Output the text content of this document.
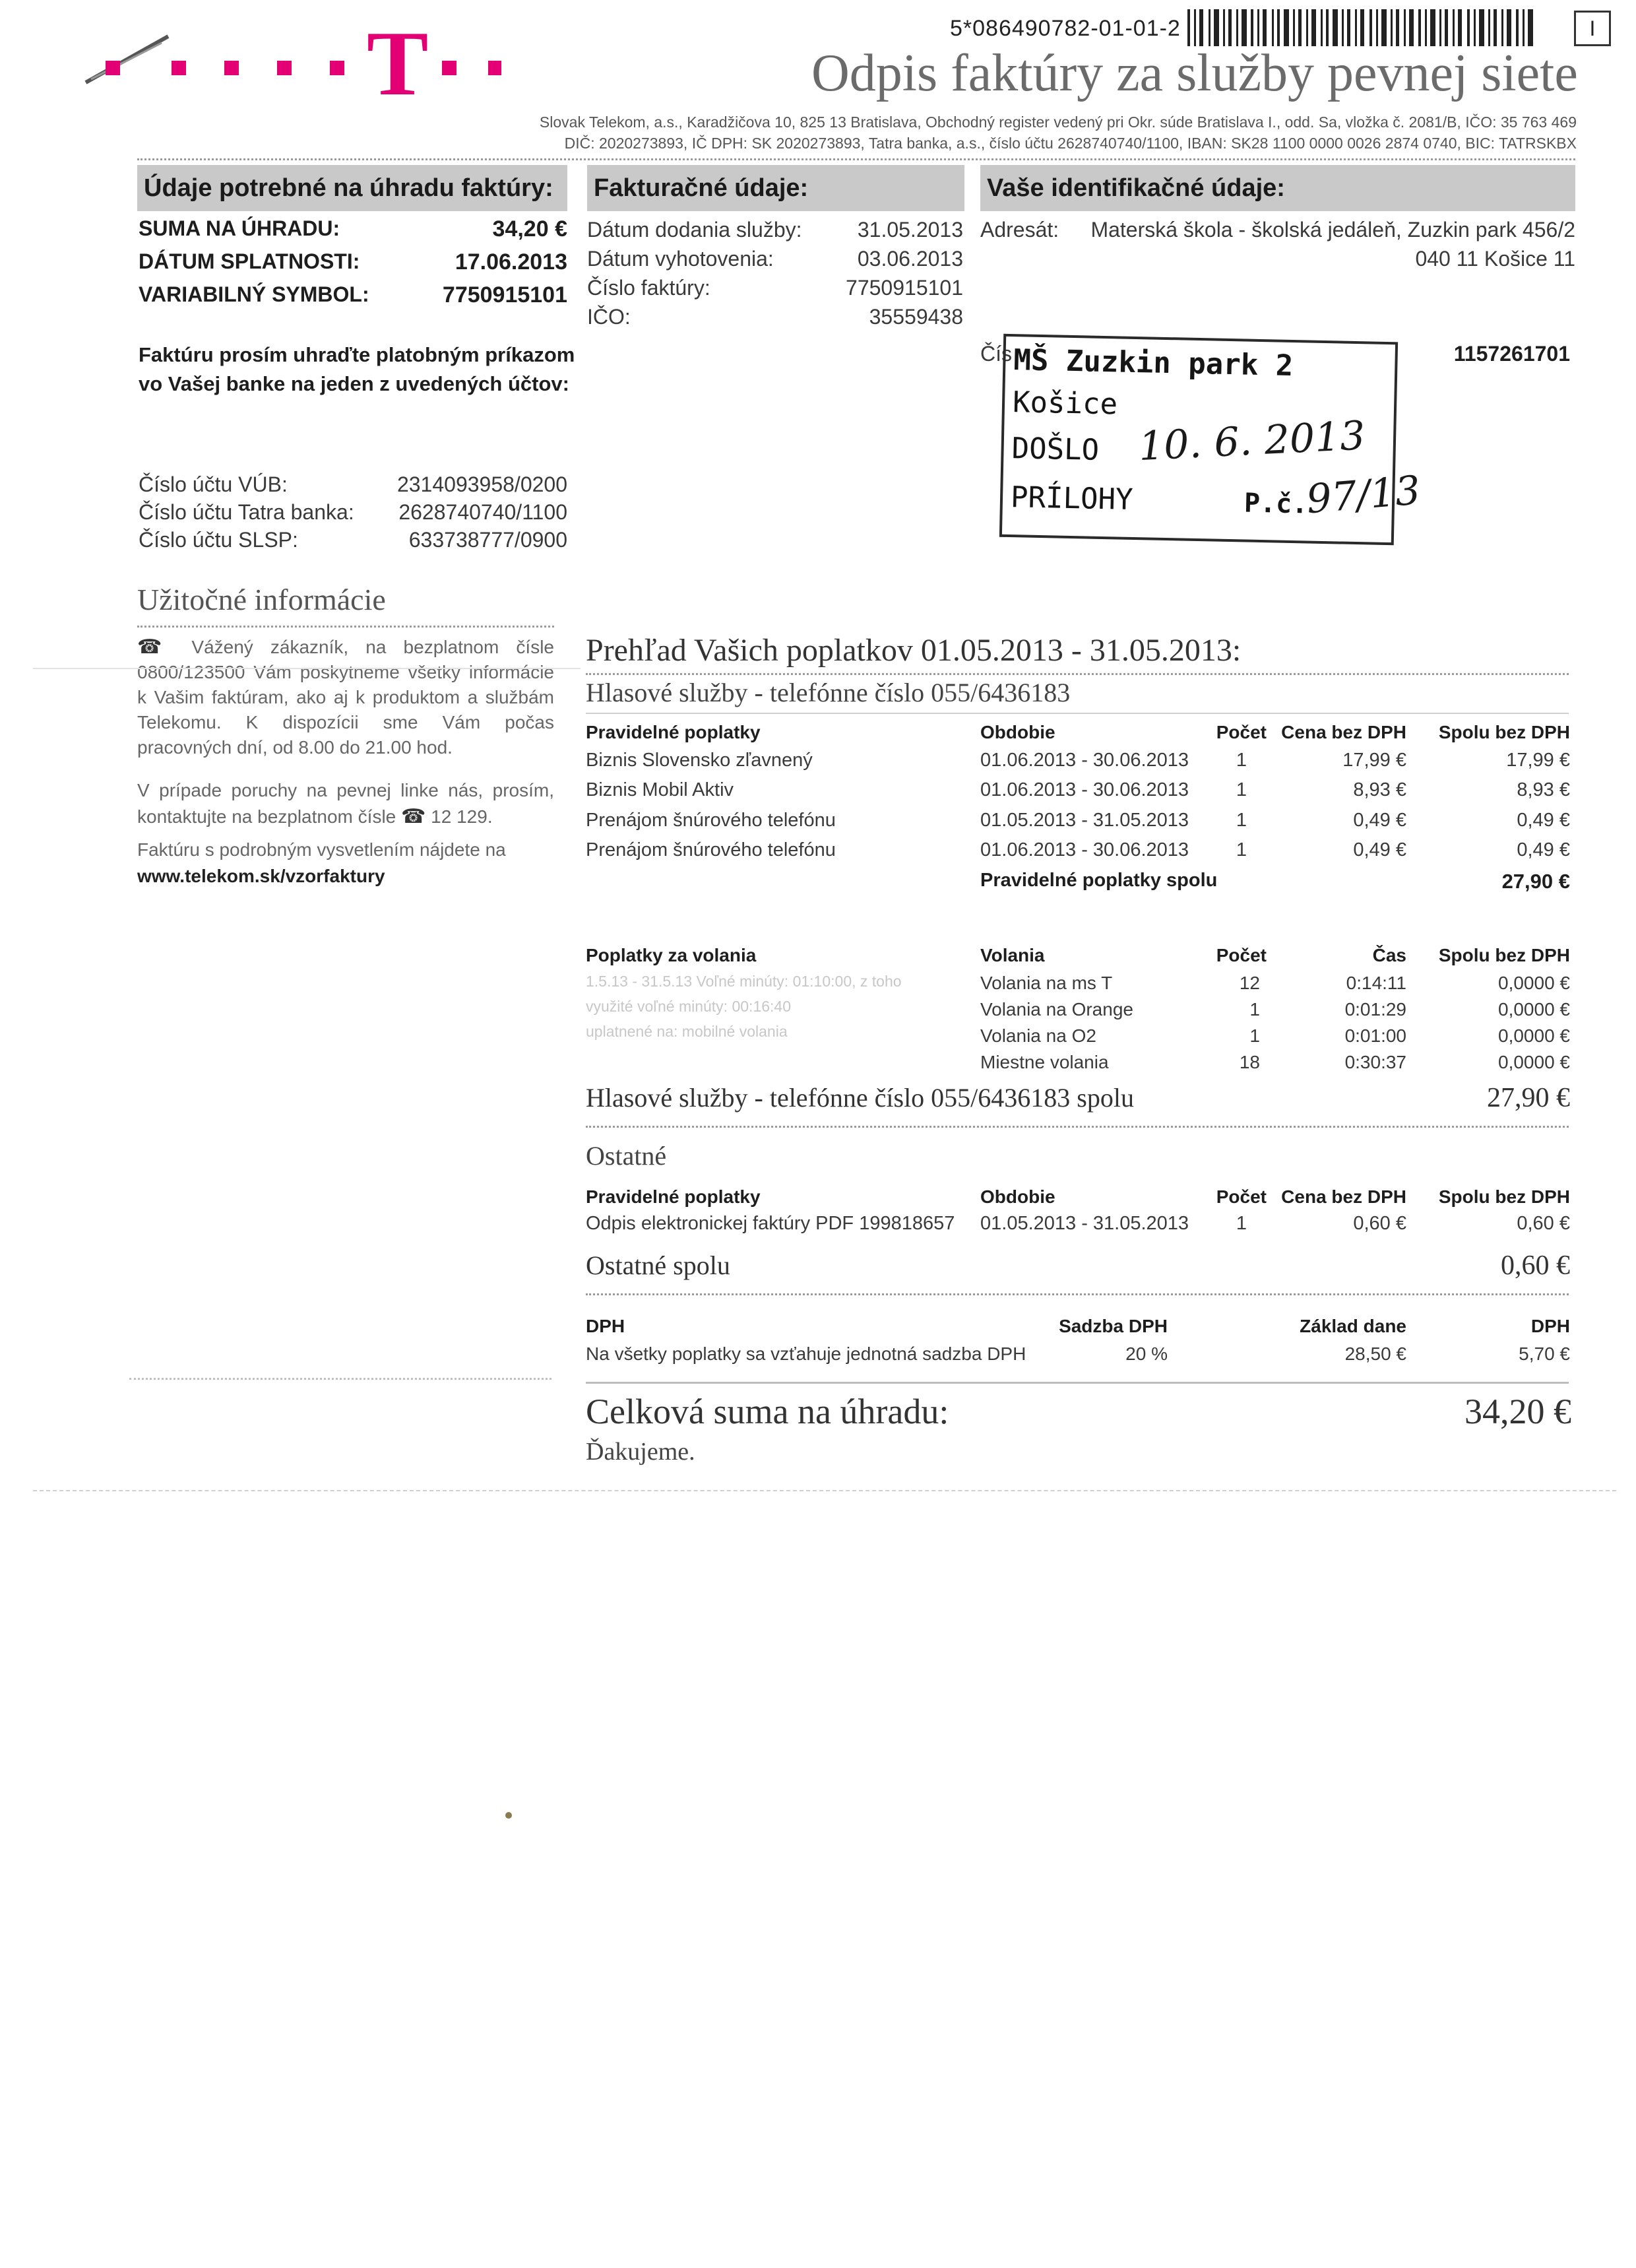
T	5*086490782-01-01-2	I
Odpis faktúry za služby pevnej siete
Slovak Telekom, a.s., Karadžičova 10, 825 13 Bratislava, Obchodný register vedený pri Okr. súde Bratislava I., odd. Sa, vložka č. 2081/B, IČO: 35 763 469
DIČ: 2020273893, IČ DPH: SK 2020273893, Tatra banka, a.s., číslo účtu 2628740740/1100, IBAN: SK28 1100 0000 0026 2874 0740, BIC: TATRSKBX
Údaje potrebné na úhradu faktúry:	Fakturačné údaje:	Vaše identifikačné údaje:
SUMA NA ÚHRADU:	34,20 €
DÁTUM SPLATNOSTI:	17.06.2013
VARIABILNÝ SYMBOL:	7750915101
Faktúru prosím uhraďte platobným príkazom
vo Vašej banke na jeden z uvedených účtov:
Číslo účtu VÚB:	2314093958/0200
Číslo účtu Tatra banka:	2628740740/1100
Číslo účtu SLSP:	633738777/0900
Dátum dodania služby:	31.05.2013
Dátum vyhotovenia:	03.06.2013
Číslo faktúry:	7750915101
IČO:	35559438
Adresát:	Materská škola - školská jedáleň, Zuzkin park 456/2
040 11 Košice 11
Čís	1157261701
MŠ Zuzkin park 2
Košice
DOŠLO 10. 6. 2013
PRÍLOHY	P.č.
97/13
Užitočné informácie
☎ Vážený zákazník, na bezplatnom čísle 0800/123500 Vám poskytneme všetky informácie k Vašim faktúram, ako aj k produktom a službám Telekomu. K dispozícii sme Vám počas pracovných dní, od 8.00 do 21.00 hod.
V prípade poruchy na pevnej linke nás, prosím, kontaktujte na bezplatnom čísle ☎ 12 129.
Faktúru s podrobným vysvetlením nájdete na
www.telekom.sk/vzorfaktury
Prehľad Vašich poplatkov 01.05.2013 - 31.05.2013:
Hlasové služby - telefónne číslo 055/6436183
Pravidelné poplatky	Obdobie	Počet Cena bez DPH	Spolu bez DPH
Biznis Slovensko zľavnený	01.06.2013 - 30.06.2013	1	17,99 €	17,99 €
Biznis Mobil Aktiv	01.06.2013 - 30.06.2013	1	8,93 €	8,93 €
Prenájom šnúrového telefónu	01.05.2013 - 31.05.2013	1	0,49 €	0,49 €
Prenájom šnúrového telefónu	01.06.2013 - 30.06.2013	1	0,49 €	0,49 €
Pravidelné poplatky spolu	27,90 €
Poplatky za volania	Volania	Počet	Čas	Spolu bez DPH
1.5.13 - 31.5.13 Voľné minúty: 01:10:00, z toho
využité voľné minúty: 00:16:40
uplatnené na: mobilné volania
Volania na ms T	12	0:14:11	0,0000 €
Volania na Orange	1	0:01:29	0,0000 €
Volania na O2	1	0:01:00	0,0000 €
Miestne volania	18	0:30:37	0,0000 €
Hlasové služby - telefónne číslo 055/6436183 spolu	27,90 €
Ostatné
Pravidelné poplatky	Obdobie	Počet Cena bez DPH	Spolu bez DPH
Odpis elektronickej faktúry PDF 199818657 01.05.2013 - 31.05.2013	1	0,60 €	0,60 €
Ostatné spolu	0,60 €
DPH	Sadzba DPH	Základ dane	DPH
Na všetky poplatky sa vzťahuje jednotná sadzba DPH	20 %	28,50 €	5,70 €
Celková suma na úhradu:	34,20 €
Ďakujeme.
